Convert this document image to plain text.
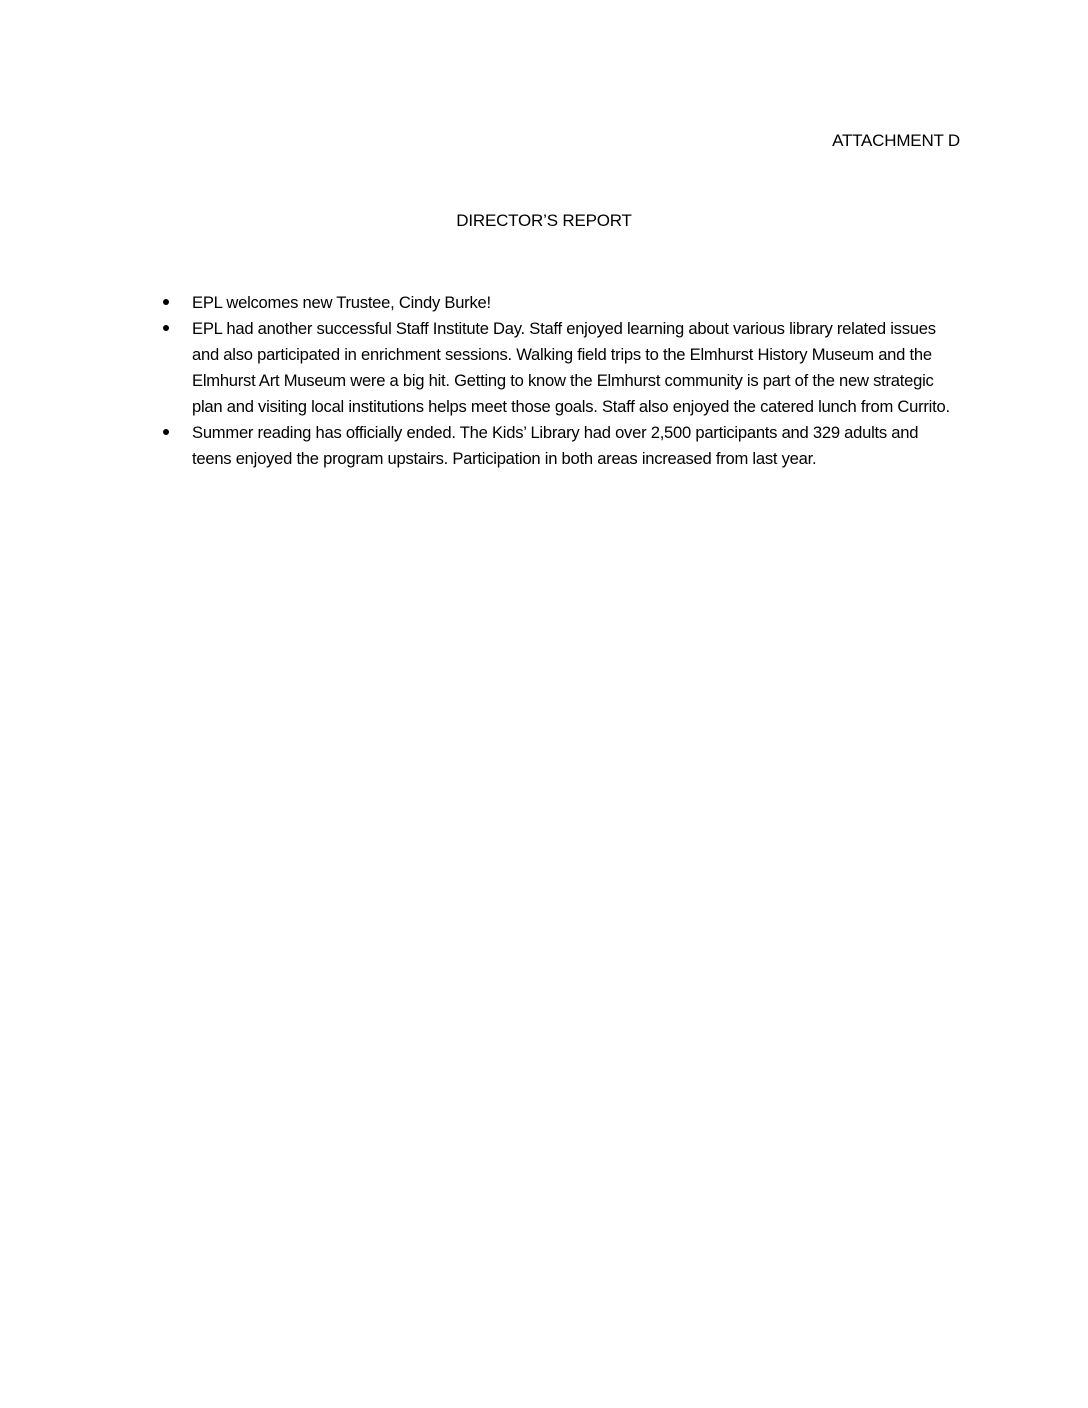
ATTACHMENT D
DIRECTOR’S REPORT
EPL welcomes new Trustee, Cindy Burke!
EPL had another successful Staff Institute Day. Staff enjoyed learning about various library related issues and also participated in enrichment sessions. Walking field trips to the Elmhurst History Museum and the Elmhurst Art Museum were a big hit. Getting to know the Elmhurst community is part of the new strategic plan and visiting local institutions helps meet those goals. Staff also enjoyed the catered lunch from Currito.
Summer reading has officially ended. The Kids’ Library had over 2,500 participants and 329 adults and teens enjoyed the program upstairs. Participation in both areas increased from last year.
